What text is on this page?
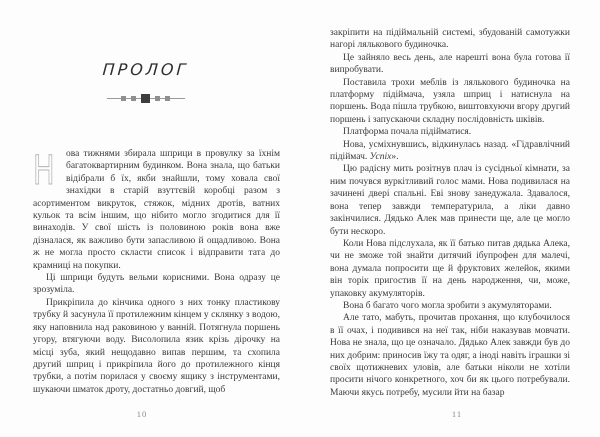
ПРОЛОГ

Н ова тижнями збирала шприци в провулку за їхнім багатоквартирним будинком. Вона знала, що батьки відібрали б їх, якби знайшли, тому ховала свої знахідки в старій взуттєвій коробці разом з асортиментом викруток, стяжок, мідних дротів, ватних кульок та всім іншим, що нібито могло згодитися для її винаходів. У свої шість із половиною років вона вже дізналася, як важливо бути запасливою й ощадливою. Вона ж не могла просто скласти список і відправити тата до крамниці на покупки.

Ці шприци будуть вельми корисними. Вона одразу це зрозуміла.

Прикріпила до кінчика одного з них тонку пластикову трубку й засунула її протилежним кінцем у склянку з водою, яку наповнила над раковиною у ванній. Потягнула поршень угору, втягуючи воду. Висолопила язик крізь дірочку на місці зуба, який нещодавно випав першим, та схопила другий шприц і прикріпила його до протилежного кінця трубки, а потім порилася у своєму ящику з інструментами, шукаючи шматок дроту, достатньо довгий, щоб

10

закріпити на підіймальній системі, збудованій самотужки нагорі лялькового будиночка.

Це зайняло весь день, але нарешті вона була готова її випробувати.

Поставила трохи меблів із лялькового будиночка на платформу підіймача, узяла шприц і натиснула на поршень. Вода пішла трубкою, виштовхуючи вгору другий поршень і запускаючи складну послідовність шківів.

Платформа почала підійматися.

Нова, усміхнувшись, відкинулась назад. «Гідравлічний підіймач. Успіх».

Цю радісну мить розітнув плач із сусідньої кімнати, за ним почувся вуркітливий голос мами. Нова подивилася на зачинені двері спальні. Еві знову занедужала. Здавалося, вона тепер завжди температурила, а ліки давно закінчилися. Дядько Алек мав принести ще, але це могло бути нескоро.

Коли Нова підслухала, як її батько питав дядька Алека, чи не зможе той знайти дитячий ібупрофен для малечі, вона думала попросити ще й фруктових желейок, якими він торік пригостив її на день народження, чи, може, упаковку акумуляторів.

Вона б багато чого могла зробити з акумуляторами.

Але тато, мабуть, прочитав прохання, що клубочилося в її очах, і подивився на неї так, ніби наказував мовчати. Нова не знала, що це означало. Дядько Алек завжди був до них добрим: приносив їжу та одяг, а іноді навіть іграшки зі своїх щотижневих уловів, але батьки ніколи не хотіли просити нічого конкретного, хоч би як цього потребували. Маючи якусь потребу, мусили йти на базар

11
